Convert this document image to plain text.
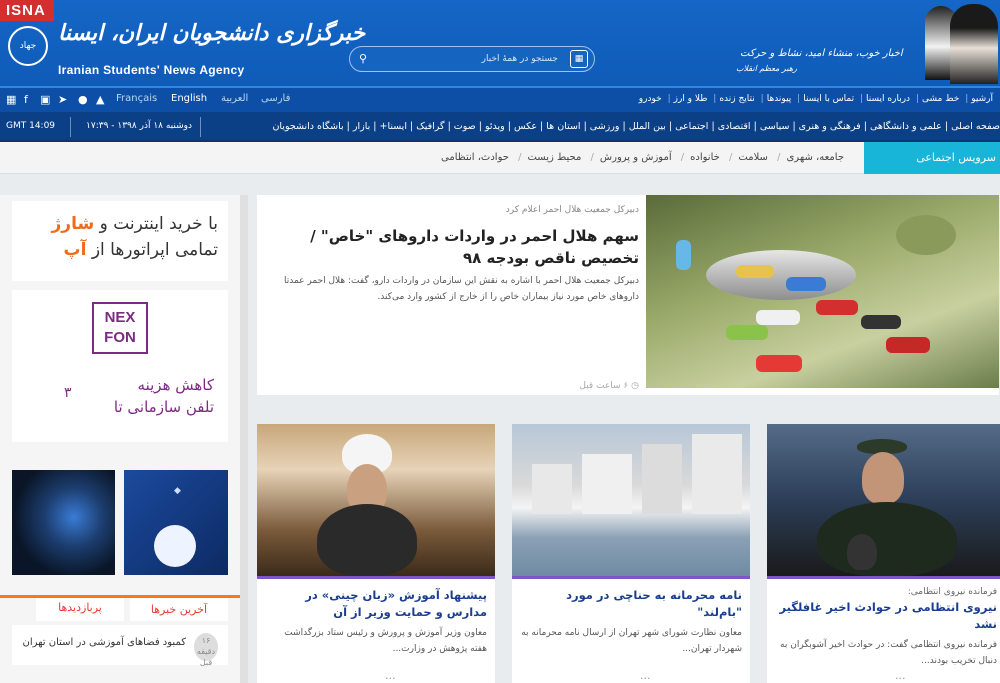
ISNA
جهاد خبرگزاری دانشجویان ایران، ایسنا
Iranian Students' News Agency
⚲
جستجو در همهٔ اخبار	▦	اخبار خوب، منشاء امید، نشاط و حرکت
رهبر معظم انقلاب
▦ f ▣ ➤ ● ▲ Français English العربیة فارسی	آرشیو| خط مشی| درباره ایسنا| تماس با ایسنا| پیوندها| نتایج زنده| طلا و ارز| خودرو
GMT 14:09	دوشنبه ۱۸ آذر ۱۳۹۸ - ۱۷:۳۹	صفحه اصلی | علمی و دانشگاهی | فرهنگی و هنری | سیاسی | اقتصادی | اجتماعی | بین الملل | ورزشی | استان ها | عکس | ویدئو | صوت | گرافیک | ایسنا+ | بازار | باشگاه دانشجویان
سرویس اجتماعی
جامعه، شهری/ سلامت/ خانواده/ آموزش و پرورش/ محیط زیست/ حوادث، انتظامی
با خرید اینترنت و شارژ
تمامی اپراتورها از آپ
NEX FON
کاهش هزینه
تلفن سازمانی تا
۳
◆
آخرین خبرها
پربازدیدها
۱۶
دقیقه قبل
کمبود فضاهای آموزشی در استان تهران
دبیرکل جمعیت هلال احمر اعلام کرد
سهم هلال احمر در واردات داروهای "خاص" / تخصیص ناقص بودجه ۹۸
دبیرکل جمعیت هلال احمر با اشاره به نقش این سازمان در واردات دارو، گفت: هلال احمر عمدتا داروهای خاص مورد نیاز بیماران خاص را از خارج از کشور وارد می‌کند.
◷ ۶ ساعت قبل
پیشنهاد آموزش «زبان چینی» در مدارس و حمایت وزیر از آن
معاون وزیر آموزش و پرورش و رئیس ستاد بزرگداشت هفته پژوهش در وزارت...
...
نامه محرمانه به حناچی در مورد "بام‌لند"
معاون نظارت شورای شهر تهران از ارسال نامه محرمانه به شهردار تهران...
...
فرمانده نیروی انتظامی:
نیروی انتظامی در حوادث اخیر غافلگیر نشد
فرمانده نیروی انتظامی گفت: در حوادث اخیر آشوبگران به دنبال تخریب بودند...
...
